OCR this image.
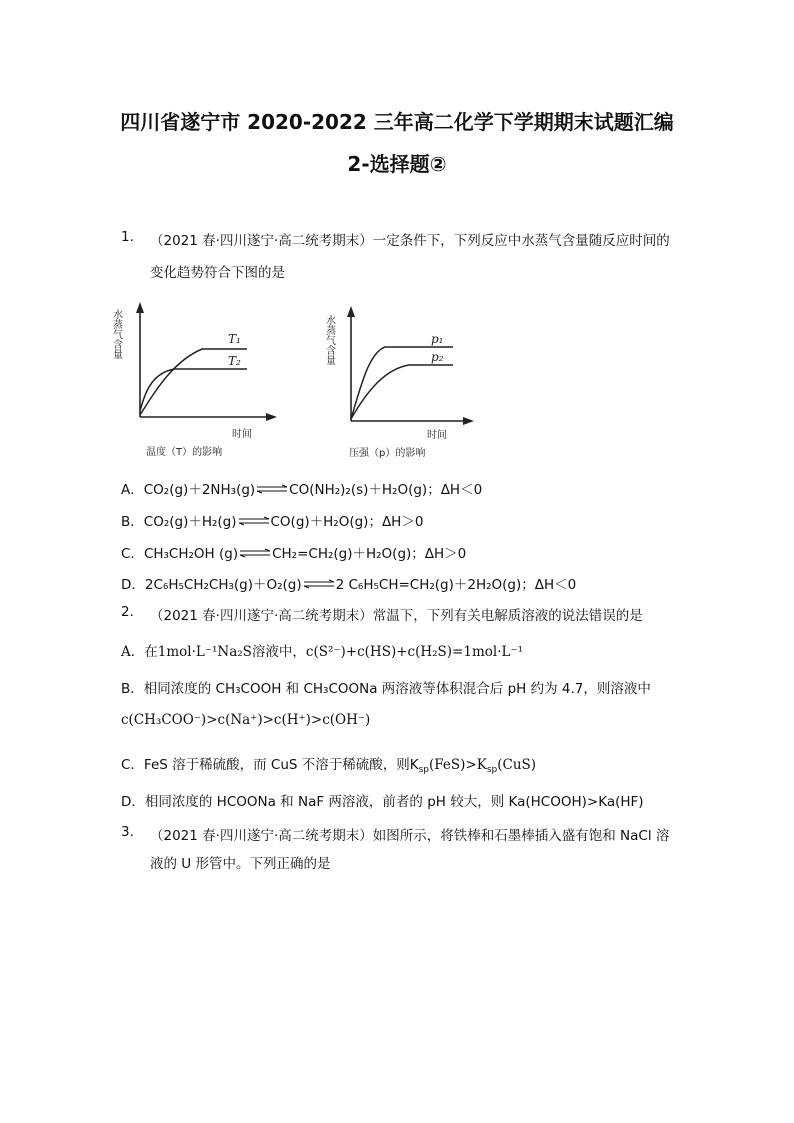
四川省遂宁市 2020-2022 三年高二化学下学期期末试题汇编
2-选择题②
1. （2021 春·四川遂宁·高二统考期末）一定条件下，下列反应中水蒸气含量随反应时间的
变化趋势符合下图的是
水蒸气含量	T₁
T₂
时间
温度（T）的影响
水蒸气含量	p₁
p₂
时间
压强（p）的影响
A．CO₂(g)＋2NH₃(g) ⇌ CO(NH₂)₂(s)＋H₂O(g)；ΔH＜0
B．CO₂(g)＋H₂(g) ⇌ CO(g)＋H₂O(g)；ΔH＞0
C．CH₃CH₂OH (g) ⇌ CH₂=CH₂(g)＋H₂O(g)；ΔH＞0
D．2C₆H₅CH₂CH₃(g)＋O₂(g) ⇌ 2 C₆H₅CH=CH₂(g)＋2H₂O(g)；ΔH＜0
2. （2021 春·四川遂宁·高二统考期末）常温下，下列有关电解质溶液的说法错误的是
A．在1mol·L⁻¹Na₂S溶液中，c(S²⁻)+c(HS)+c(H₂S)=1mol·L⁻¹
B．相同浓度的 CH₃COOH 和 CH₃COONa 两溶液等体积混合后 pH 约为 4.7，则溶液中
c(CH₃COO⁻)>c(Na⁺)>c(H⁺)>c(OH⁻)
C．FeS 溶于稀硫酸，而 CuS 不溶于稀硫酸，则$K_{sp}(FeS)>K_{sp}(CuS)$
D．相同浓度的 HCOONa 和 NaF 两溶液，前者的 pH 较大，则 Ka(HCOOH)>Ka(HF)
3. （2021 春·四川遂宁·高二统考期末）如图所示，将铁棒和石墨棒插入盛有饱和 NaCl 溶
液的 U 形管中。下列正确的是
